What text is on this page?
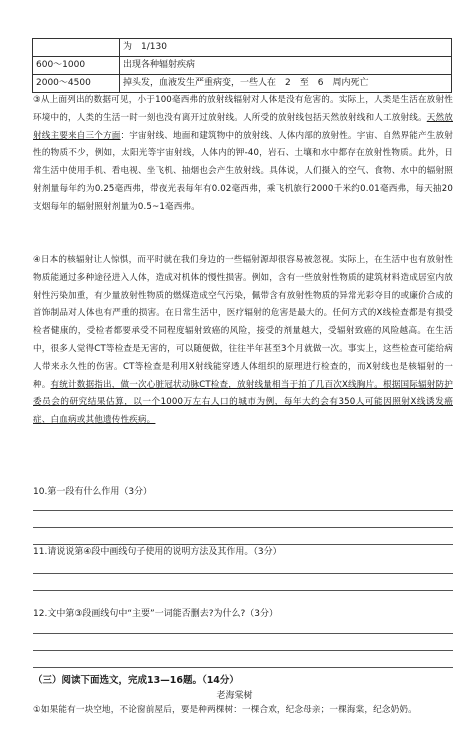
	为　1/130
600～1000	出现各种辐射疾病
2000～4500	掉头发，血液发生严重病变，一些人在　2　至　6　周内死亡

③从上面列出的数据可见，小于100毫西弗的放射线辐射对人体是没有危害的。实际上，人类是生活在放射性环境中的，人类的生活一时一刻也没有离开过放射线。人所受的放射线包括天然放射线和人工放射线。天然放射线主要来自三个方面：宇宙射线、地面和建筑物中的放射线、人体内部的放射性。宇宙、自然界能产生放射性的物质不少，例如，太阳光等宇宙射线，人体内的钾-40，岩石、土壤和水中都存在放射性物质。此外，日常生活中使用手机、看电视、坐飞机、抽烟也会产生放射线。具体说，人们摄入的空气、食物、水中的辐射照射剂量每年约为0.25毫西弗，带夜光表每年有0.02毫西弗，乘飞机旅行2000千米约0.01毫西弗，每天抽20支烟每年的辐射照射剂量为0.5~1毫西弗。

④日本的核辐射让人惊惧，而平时就在我们身边的一些辐射源却很容易被忽视。实际上，在生活中也有放射性物质能通过多种途径进入人体，造成对机体的慢性损害。例如，含有一些放射性物质的建筑材料造成居室内放射性污染加重，有少量放射性物质的燃煤造成空气污染，佩带含有放射性物质的异常光彩夺目的或廉价合成的首饰制品对人体也有严重的损害。在日常生活中，医疗辐射的危害是最大的。任何方式的X线检查都是有损受检者健康的，受检者都要承受不同程度辐射致癌的风险，接受的剂量越大，受辐射致癌的风险越高。在生活中，很多人觉得CT等检查是无害的，可以随便做，往往半年甚至3个月就做一次。事实上，这些检查可能给病人带来永久性的伤害。CT等检查是利用X射线能穿透人体组织的原理进行检查的，而X射线也是核辐射的一种。有统计数据指出，做一次心脏冠状动脉CT检查，放射线量相当于拍了几百次X线胸片。根据国际辐射防护委员会的研究结果估算，以一个1000万左右人口的城市为例，每年大约会有350人可能因照射X线诱发癌症、白血病或其他遗传性疾病。

10.第一段有什么作用（3分）
11.请说说第④段中画线句子使用的说明方法及其作用。（3分）
12.文中第③段画线句中“主要”一词能否删去?为什么?（3分）
（三）阅读下面选文，完成13—16题。（14分）
老海棠树

①如果能有一块空地，不论窗前屋后，要是种两棵树：一棵合欢，纪念母亲；一棵海棠，纪念奶奶。
